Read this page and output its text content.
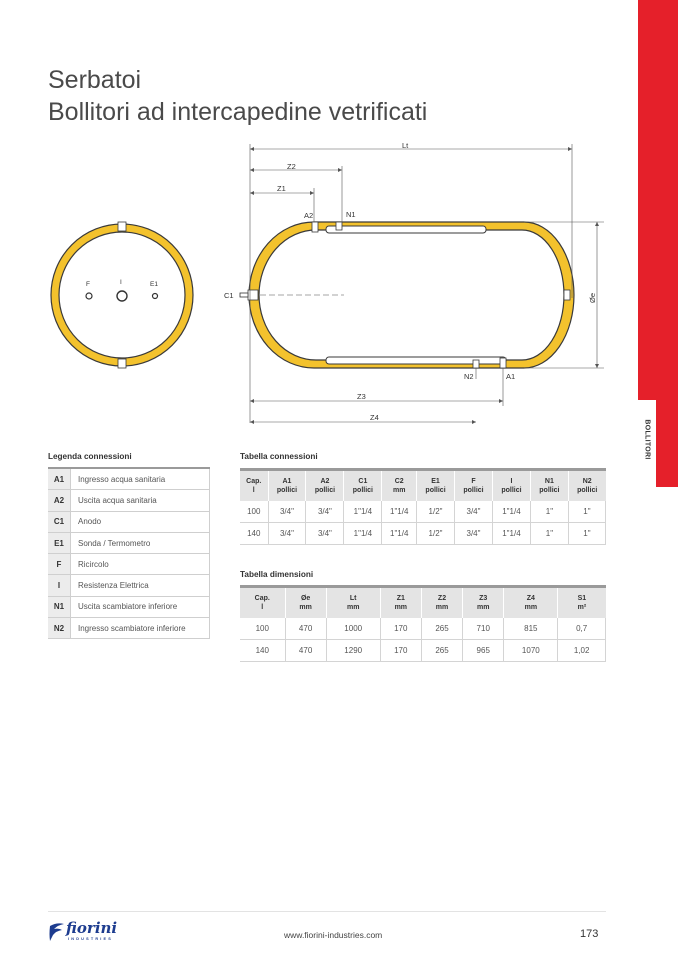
BOLLITORI
Serbatoi
Bollitori ad intercapedine vetrificati
F	I	E1
Lt
Z2
Z1
A2	N1
C1
N2	A1
Z3
Z4
Øe
Legenda connessioni
A1	Ingresso acqua sanitaria
A2	Uscita acqua sanitaria
C1	Anodo
E1	Sonda / Termometro
F	Ricircolo
I	Resistenza Elettrica
N1	Uscita scambiatore inferiore
N2	Ingresso scambiatore inferiore
Tabella connessioni
Cap.
l	A1
pollici	A2
pollici	C1
pollici	C2
mm	E1
pollici	F
pollici	I
pollici	N1
pollici	N2
pollici
100	3/4"	3/4"	1"1/4	1"1/4	1/2"	3/4"	1"1/4	1"	1"
140	3/4"	3/4"	1"1/4	1"1/4	1/2"	3/4"	1"1/4	1"	1"
Tabella dimensioni
Cap.
l	Øe
mm	Lt
mm	Z1
mm	Z2
mm	Z3
mm	Z4
mm	S1
m²
100	470	1000	170	265	710	815	0,7
140	470	1290	170	265	965	1070	1,02
fiorini
INDUSTRIES	www.fiorini-industries.com	173
